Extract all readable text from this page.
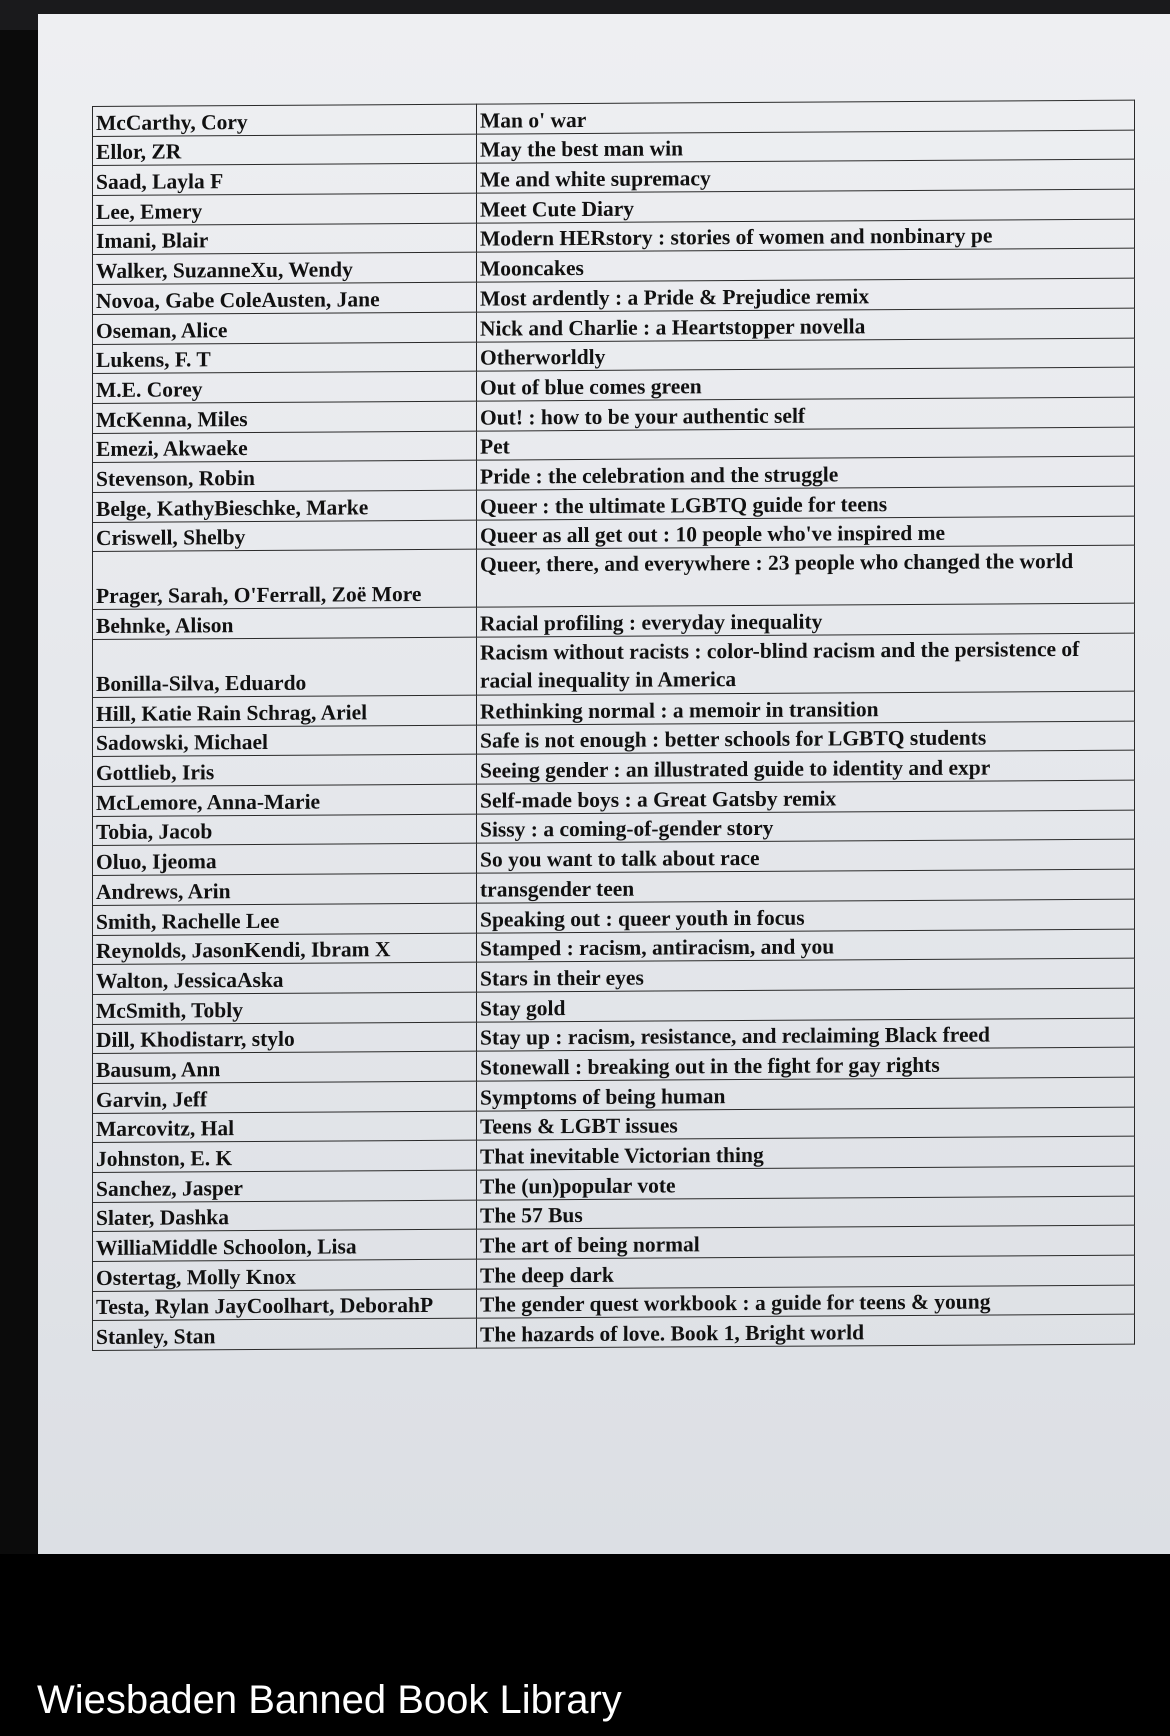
McCarthy, Cory	Man o' war
Ellor, ZR	May the best man win
Saad, Layla F	Me and white supremacy
Lee, Emery	Meet Cute Diary
Imani, Blair	Modern HERstory : stories of women and nonbinary pe
Walker, SuzanneXu, Wendy	Mooncakes
Novoa, Gabe ColeAusten, Jane	Most ardently : a Pride & Prejudice remix
Oseman, Alice	Nick and Charlie : a Heartstopper novella
Lukens, F. T	Otherworldly
M.E. Corey	Out of blue comes green
McKenna, Miles	Out! : how to be your authentic self
Emezi, Akwaeke	Pet
Stevenson, Robin	Pride : the celebration and the struggle
Belge, KathyBieschke, Marke	Queer : the ultimate LGBTQ guide for teens
Criswell, Shelby	Queer as all get out : 10 people who've inspired me
Prager, Sarah, O'Ferrall, Zoë More	Queer, there, and everywhere : 23 people who changed the world
Behnke, Alison	Racial profiling : everyday inequality
Bonilla-Silva, Eduardo	Racism without racists : color-blind racism and the persistence of racial inequality in America
Hill, Katie Rain Schrag, Ariel	Rethinking normal : a memoir in transition
Sadowski, Michael	Safe is not enough : better schools for LGBTQ students
Gottlieb, Iris	Seeing gender : an illustrated guide to identity and expr
McLemore, Anna-Marie	Self-made boys : a Great Gatsby remix
Tobia, Jacob	Sissy : a coming-of-gender story
Oluo, Ijeoma	So you want to talk about race
Andrews, Arin	transgender teen
Smith, Rachelle Lee	Speaking out : queer youth in focus
Reynolds, JasonKendi, Ibram X	Stamped : racism, antiracism, and you
Walton, JessicaAska	Stars in their eyes
McSmith, Tobly	Stay gold
Dill, Khodistarr, stylo	Stay up : racism, resistance, and reclaiming Black freed
Bausum, Ann	Stonewall : breaking out in the fight for gay rights
Garvin, Jeff	Symptoms of being human
Marcovitz, Hal	Teens & LGBT issues
Johnston, E. K	That inevitable Victorian thing
Sanchez, Jasper	The (un)popular vote
Slater, Dashka	The 57 Bus
WilliaMiddle Schoolon, Lisa	The art of being normal
Ostertag, Molly Knox	The deep dark
Testa, Rylan JayCoolhart, DeborahP	The gender quest workbook : a guide for teens & young
Stanley, Stan	The hazards of love. Book 1, Bright world
Wiesbaden Banned Book Library
